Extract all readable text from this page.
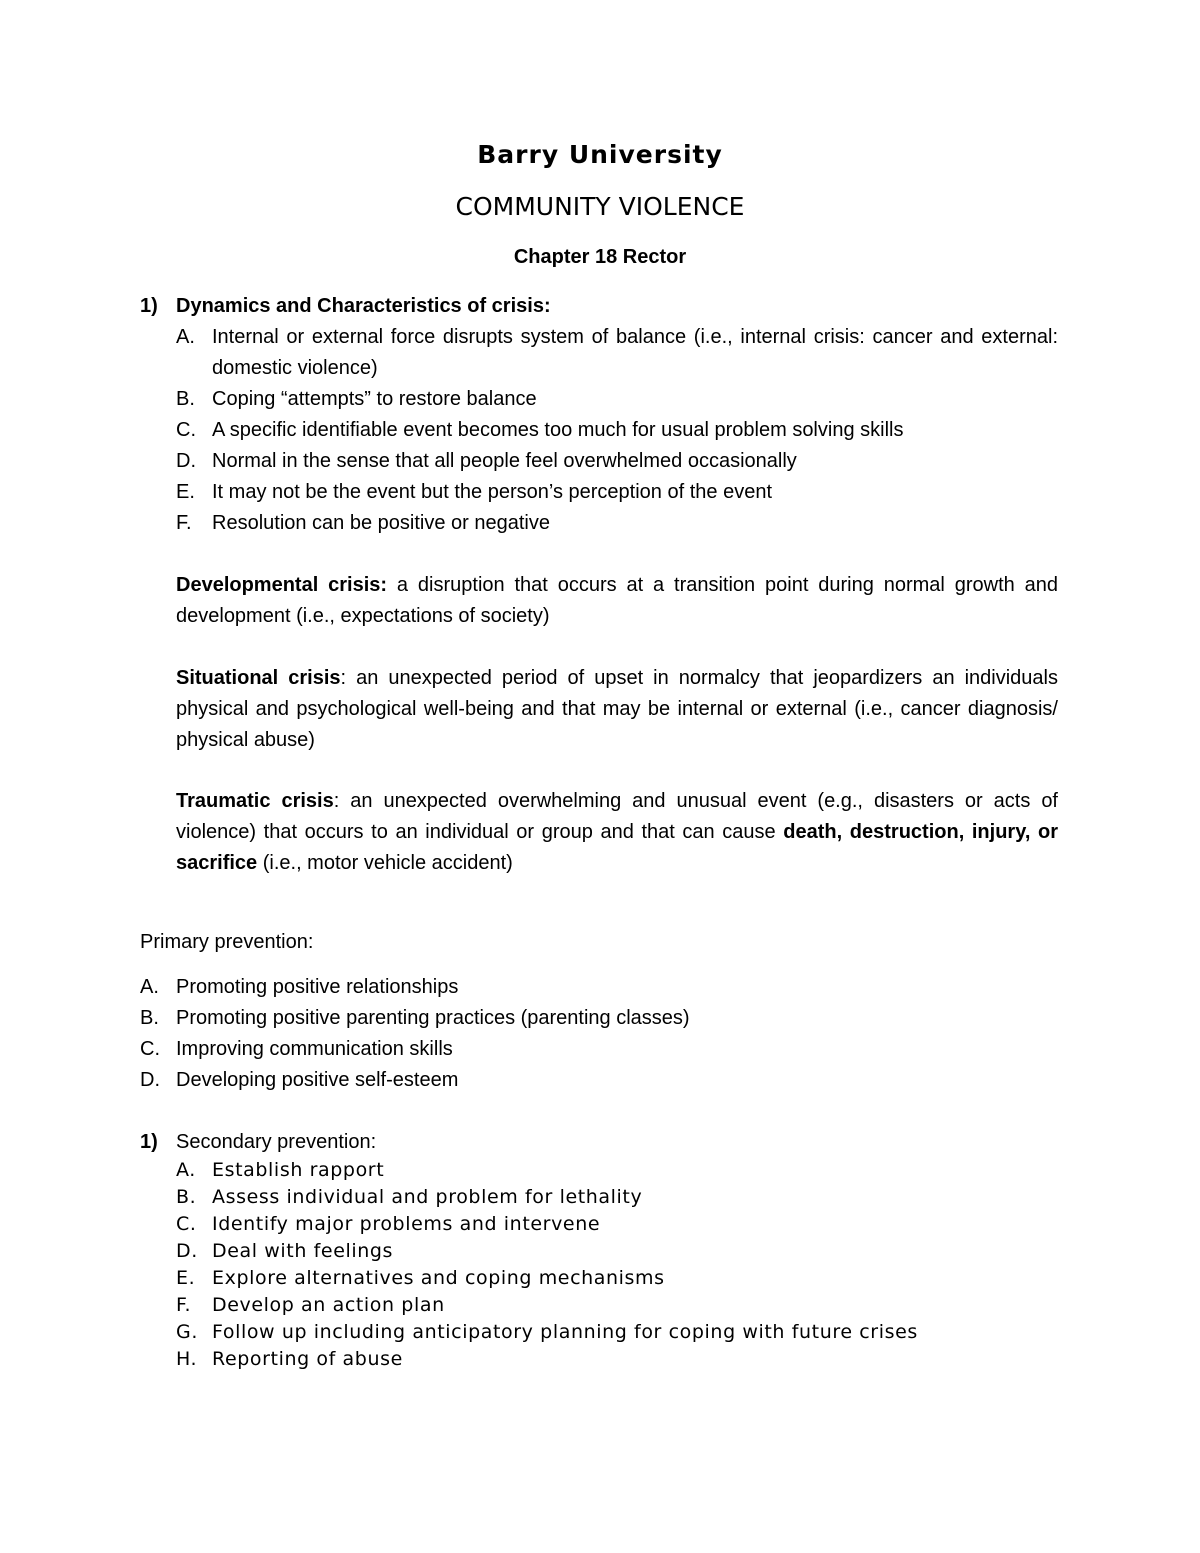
Barry University
COMMUNITY VIOLENCE
Chapter 18 Rector
1) Dynamics and Characteristics of crisis:
A. Internal or external force disrupts system of balance (i.e., internal crisis: cancer and external: domestic violence)
B. Coping “attempts” to restore balance
C. A specific identifiable event becomes too much for usual problem solving skills
D. Normal in the sense that all people feel overwhelmed occasionally
E. It may not be the event but the person’s perception of the event
F. Resolution can be positive or negative

Developmental crisis: a disruption that occurs at a transition point during normal growth and development (i.e., expectations of society)

Situational crisis: an unexpected period of upset in normalcy that jeopardizers an individuals physical and psychological well-being and that may be internal or external (i.e., cancer diagnosis/ physical abuse)

Traumatic crisis: an unexpected overwhelming and unusual event (e.g., disasters or acts of violence) that occurs to an individual or group and that can cause death, destruction, injury, or sacrifice (i.e., motor vehicle accident)

Primary prevention:
A. Promoting positive relationships
B. Promoting positive parenting practices (parenting classes)
C. Improving communication skills
D. Developing positive self-esteem
1) Secondary prevention:
A. Establish rapport
B. Assess individual and problem for lethality
C. Identify major problems and intervene
D. Deal with feelings
E. Explore alternatives and coping mechanisms
F. Develop an action plan
G. Follow up including anticipatory planning for coping with future crises
H. Reporting of abuse
